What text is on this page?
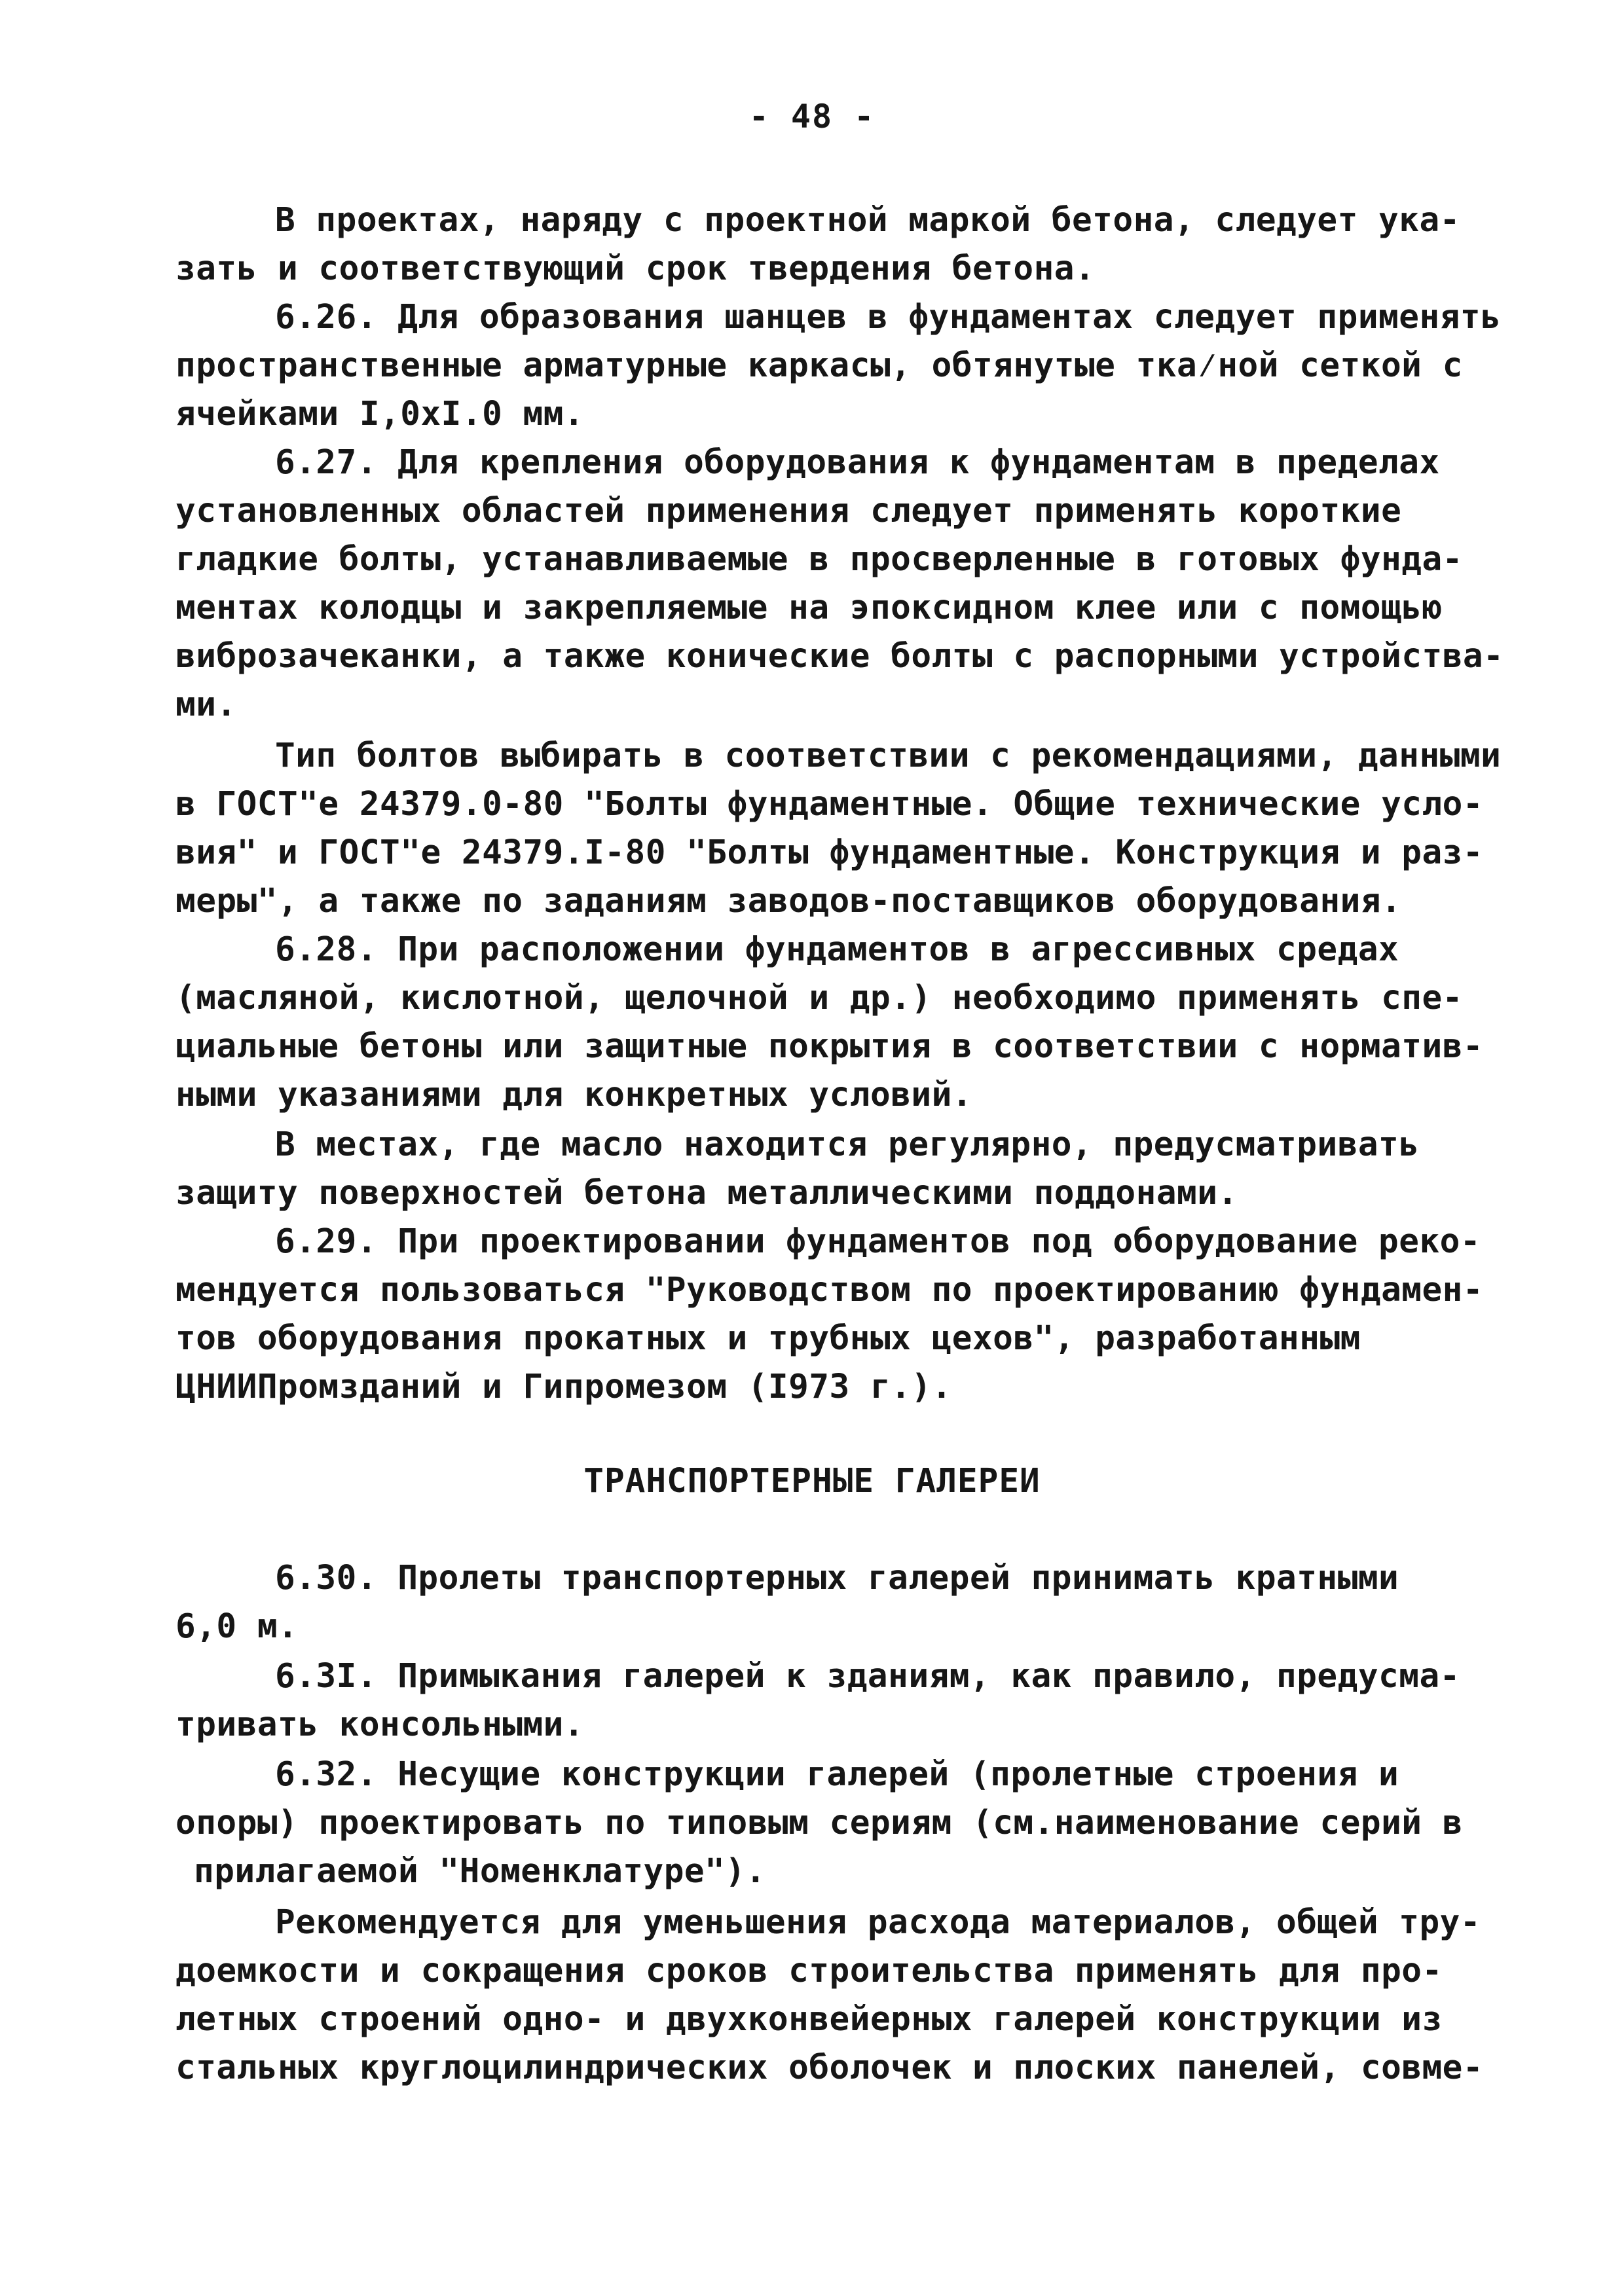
- 48 -
В проектах, наряду с проектной маркой бетона, следует ука-
зать и соответствующий срок твердения бетона.
6.26. Для образования шанцев в фундаментах следует применять
пространственные арматурные каркасы, обтянутые тка⁄ной сеткой с
ячейками I,0xI.0 мм.
6.27. Для крепления оборудования к фундаментам в пределах
установленных областей применения следует применять короткие
гладкие болты, устанавливаемые в просверленные в готовых фунда-
ментах колодцы и закрепляемые на эпоксидном клее или с помощью
виброзачеканки, а также конические болты с распорными устройства-
ми.
Тип болтов выбирать в соответствии с рекомендациями, данными
в ГОСТ"е 24379.0-80 "Болты фундаментные. Общие технические усло-
вия" и ГОСТ"е 24379.I-80 "Болты фундаментные. Конструкция и раз-
меры", а также по заданиям заводов-поставщиков оборудования.
6.28. При расположении фундаментов в агрессивных средах
(масляной, кислотной, щелочной и др.) необходимо применять спе-
циальные бетоны или защитные покрытия в соответствии с норматив-
ными указаниями для конкретных условий.
В местах, где масло находится регулярно, предусматривать
защиту поверхностей бетона металлическими поддонами.
6.29. При проектировании фундаментов под оборудование реко-
мендуется пользоваться "Руководством по проектированию фундамен-
тов оборудования прокатных и трубных цехов", разработанным
ЦНИИПромзданий и Гипромезом (I973 г.).
ТРАНСПОРТЕРНЫЕ ГАЛЕРЕИ
6.30. Пролеты транспортерных галерей принимать кратными
6,0 м.
6.3I. Примыкания галерей к зданиям, как правило, предусма-
тривать консольными.
6.32. Несущие конструкции галерей (пролетные строения и
опоры) проектировать по типовым сериям (см.наименование серий в
прилагаемой "Номенклатуре").
Рекомендуется для уменьшения расхода материалов, общей тру-
доемкости и сокращения сроков строительства применять для про-
летных строений одно- и двухконвейерных галерей конструкции из
стальных круглоцилиндрических оболочек и плоских панелей, совме-
